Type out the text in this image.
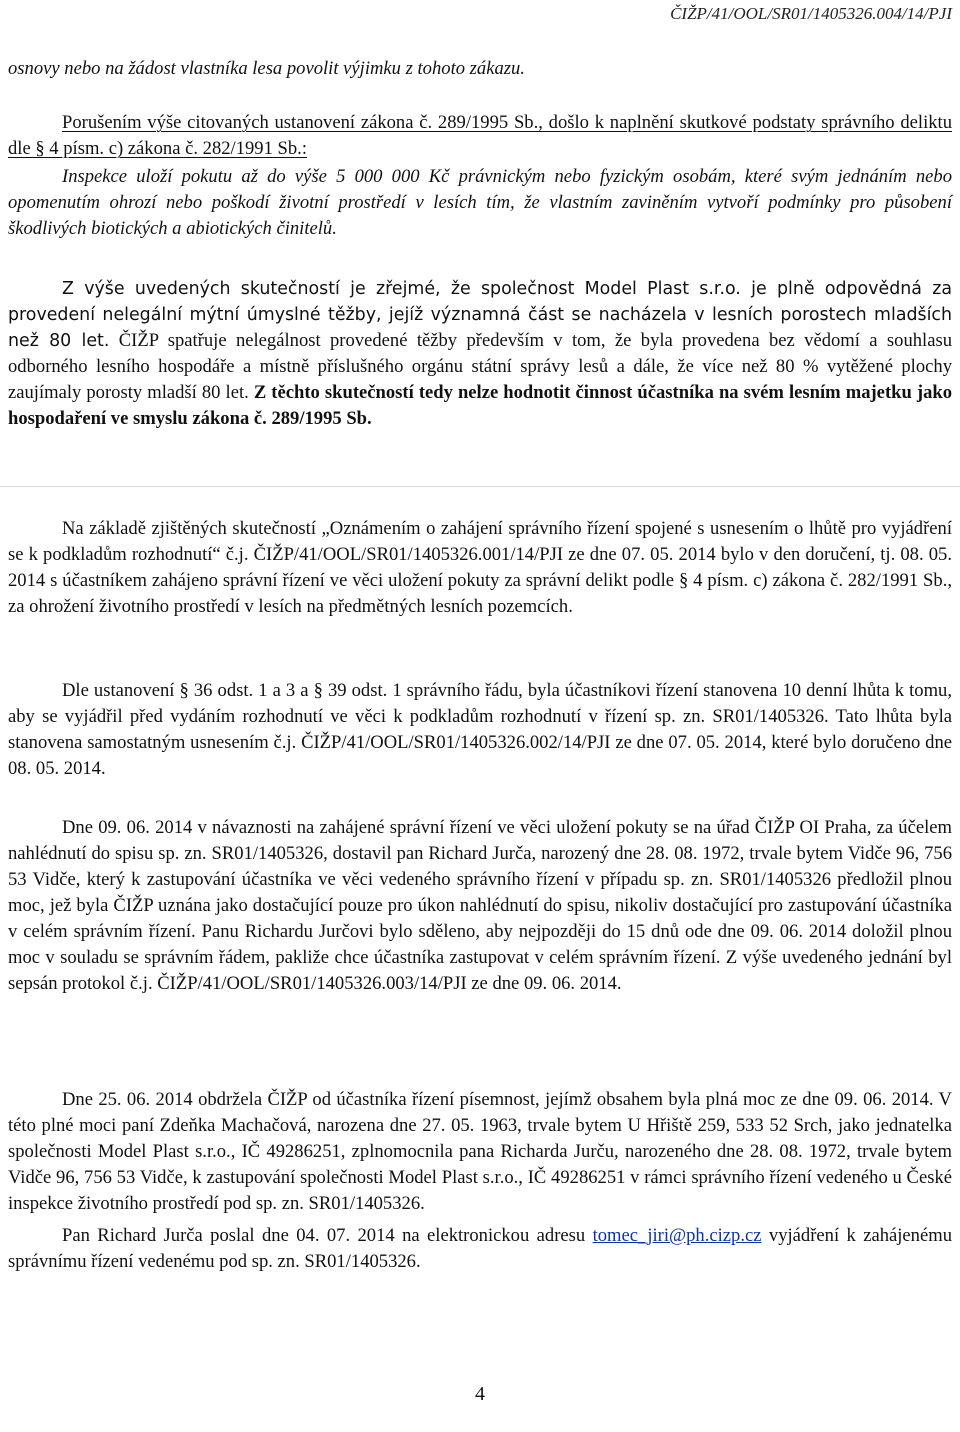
ČIŽP/41/OOL/SR01/1405326.004/14/PJI

osnovy nebo na žádost vlastníka lesa povolit výjimku z tohoto zákazu.

Porušením výše citovaných ustanovení zákona č. 289/1995 Sb., došlo k naplnění skutkové podstaty správního deliktu dle § 4 písm. c) zákona č. 282/1991 Sb.:

Inspekce uloží pokutu až do výše 5 000 000 Kč právnickým nebo fyzickým osobám, které svým jednáním nebo opomenutím ohrozí nebo poškodí životní prostředí v lesích tím, že vlastním zaviněním vytvoří podmínky pro působení škodlivých biotických a abiotických činitelů.

Z výše uvedených skutečností je zřejmé, že společnost Model Plast s.r.o. je plně odpovědná za provedení nelegální mýtní úmyslné těžby, jejíž významná část se nacházela v lesních porostech mladších než 80 let. ČIŽP spatřuje nelegálnost provedené těžby především v tom, že byla provedena bez vědomí a souhlasu odborného lesního hospodáře a místně příslušného orgánu státní správy lesů a dále, že více než 80 % vytěžené plochy zaujímaly porosty mladší 80 let. Z těchto skutečností tedy nelze hodnotit činnost účastníka na svém lesním majetku jako hospodaření ve smyslu zákona č. 289/1995 Sb.

Na základě zjištěných skutečností „Oznámením o zahájení správního řízení spojené s usnesením o lhůtě pro vyjádření se k podkladům rozhodnutí“ č.j. ČIŽP/41/OOL/SR01/1405326.001/14/PJI ze dne 07. 05. 2014 bylo v den doručení, tj. 08. 05. 2014 s účastníkem zahájeno správní řízení ve věci uložení pokuty za správní delikt podle § 4 písm. c) zákona č. 282/1991 Sb., za ohrožení životního prostředí v lesích na předmětných lesních pozemcích.

Dle ustanovení § 36 odst. 1 a 3 a § 39 odst. 1 správního řádu, byla účastníkovi řízení stanovena 10 denní lhůta k tomu, aby se vyjádřil před vydáním rozhodnutí ve věci k podkladům rozhodnutí v řízení sp. zn. SR01/1405326. Tato lhůta byla stanovena samostatným usnesením č.j. ČIŽP/41/OOL/SR01/1405326.002/14/PJI ze dne 07. 05. 2014, které bylo doručeno dne 08. 05. 2014.

Dne 09. 06. 2014 v návaznosti na zahájené správní řízení ve věci uložení pokuty se na úřad ČIŽP OI Praha, za účelem nahlédnutí do spisu sp. zn. SR01/1405326, dostavil pan Richard Jurča, narozený dne 28. 08. 1972, trvale bytem Vidče 96, 756 53 Vidče, který k zastupování účastníka ve věci vedeného správního řízení v případu sp. zn. SR01/1405326 předložil plnou moc, jež byla ČIŽP uznána jako dostačující pouze pro úkon nahlédnutí do spisu, nikoliv dostačující pro zastupování účastníka v celém správním řízení. Panu Richardu Jurčovi bylo sděleno, aby nejpozději do 15 dnů ode dne 09. 06. 2014 doložil plnou moc v souladu se správním řádem, pakliže chce účastníka zastupovat v celém správním řízení. Z výše uvedeného jednání byl sepsán protokol č.j. ČIŽP/41/OOL/SR01/1405326.003/14/PJI ze dne 09. 06. 2014.

Dne 25. 06. 2014 obdržela ČIŽP od účastníka řízení písemnost, jejímž obsahem byla plná moc ze dne 09. 06. 2014. V této plné moci paní Zdeňka Machačová, narozena dne 27. 05. 1963, trvale bytem U Hřiště 259, 533 52 Srch, jako jednatelka společnosti Model Plast s.r.o., IČ 49286251, zplnomocnila pana Richarda Jurču, narozeného dne 28. 08. 1972, trvale bytem Vidče 96, 756 53 Vidče, k zastupování společnosti Model Plast s.r.o., IČ 49286251 v rámci správního řízení vedeného u České inspekce životního prostředí pod sp. zn. SR01/1405326.

Pan Richard Jurča poslal dne 04. 07. 2014 na elektronickou adresu tomec_jiri@ph.cizp.cz vyjádření k zahájenému správnímu řízení vedenému pod sp. zn. SR01/1405326.

4
